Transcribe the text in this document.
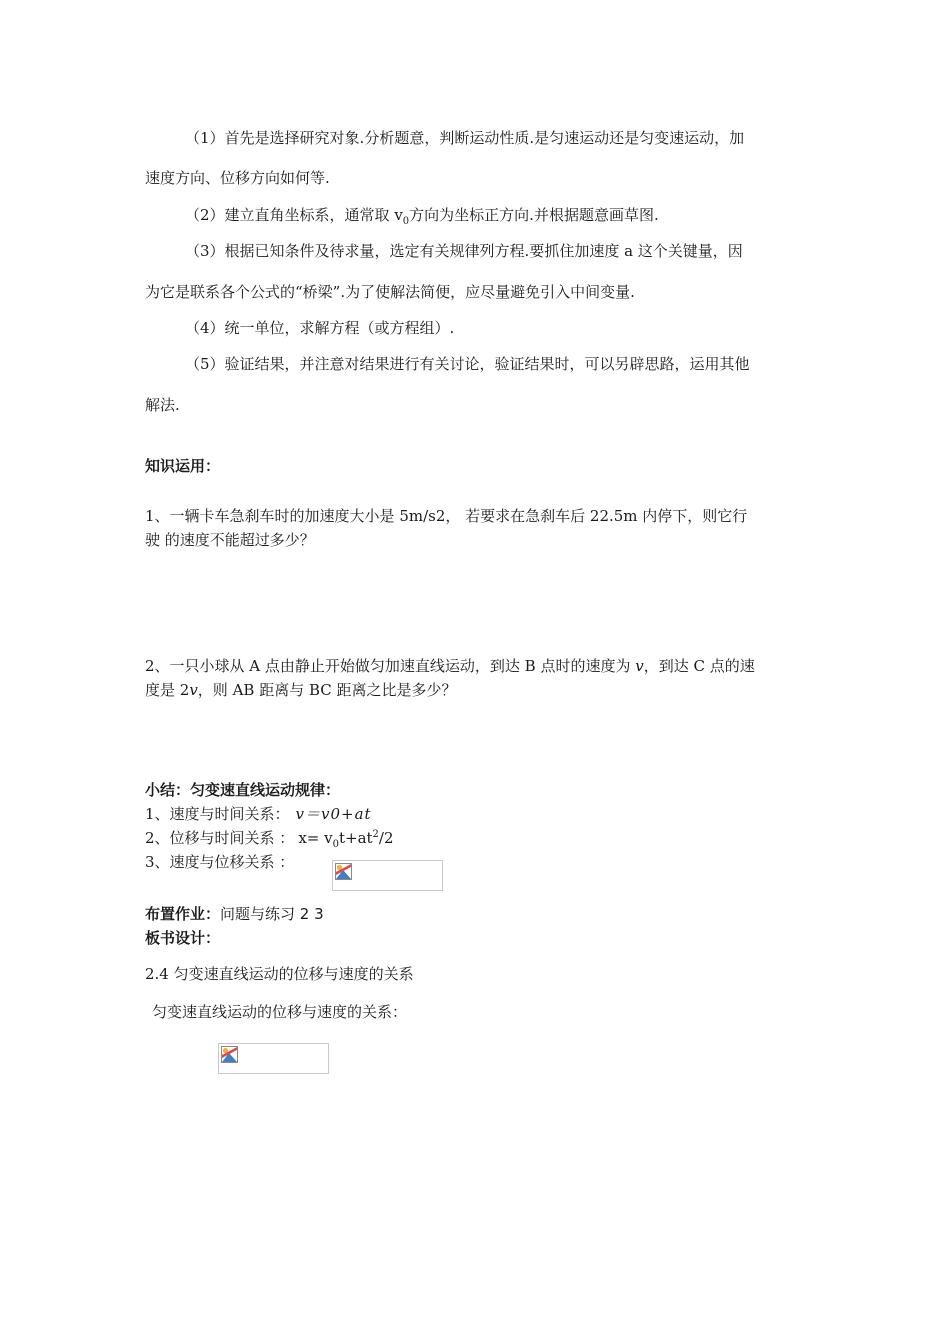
（1）首先是选择研究对象.分析题意，判断运动性质.是匀速运动还是匀变速运动，加
速度方向、位移方向如何等.
（2）建立直角坐标系，通常取 $v_0$方向为坐标正方向.并根据题意画草图.
（3）根据已知条件及待求量，选定有关规律列方程.要抓住加速度 a 这个关键量，因
为它是联系各个公式的“桥梁”.为了使解法简便，应尽量避免引入中间变量.
（4）统一单位，求解方程（或方程组）.
（5）验证结果，并注意对结果进行有关讨论，验证结果时，可以另辟思路，运用其他
解法.
知识运用：
1、一辆卡车急刹车时的加速度大小是 5m/s2， 若要求在急刹车后 22.5m 内停下，则它行
驶 的速度不能超过多少？
2、一只小球从 A 点由静止开始做匀加速直线运动，到达 B 点时的速度为 v，到达 C 点的速
度是 2v，则 AB 距离与 BC 距离之比是多少？
小结：匀变速直线运动规律：
1、速度与时间关系： v＝v0+at
2、位移与时间关系 ： $x= v_0t+at^2/2$
3、速度与位移关系 ：
布置作业：问题与练习 2 3
板书设计：
2.4 匀变速直线运动的位移与速度的关系
匀变速直线运动的位移与速度的关系：
